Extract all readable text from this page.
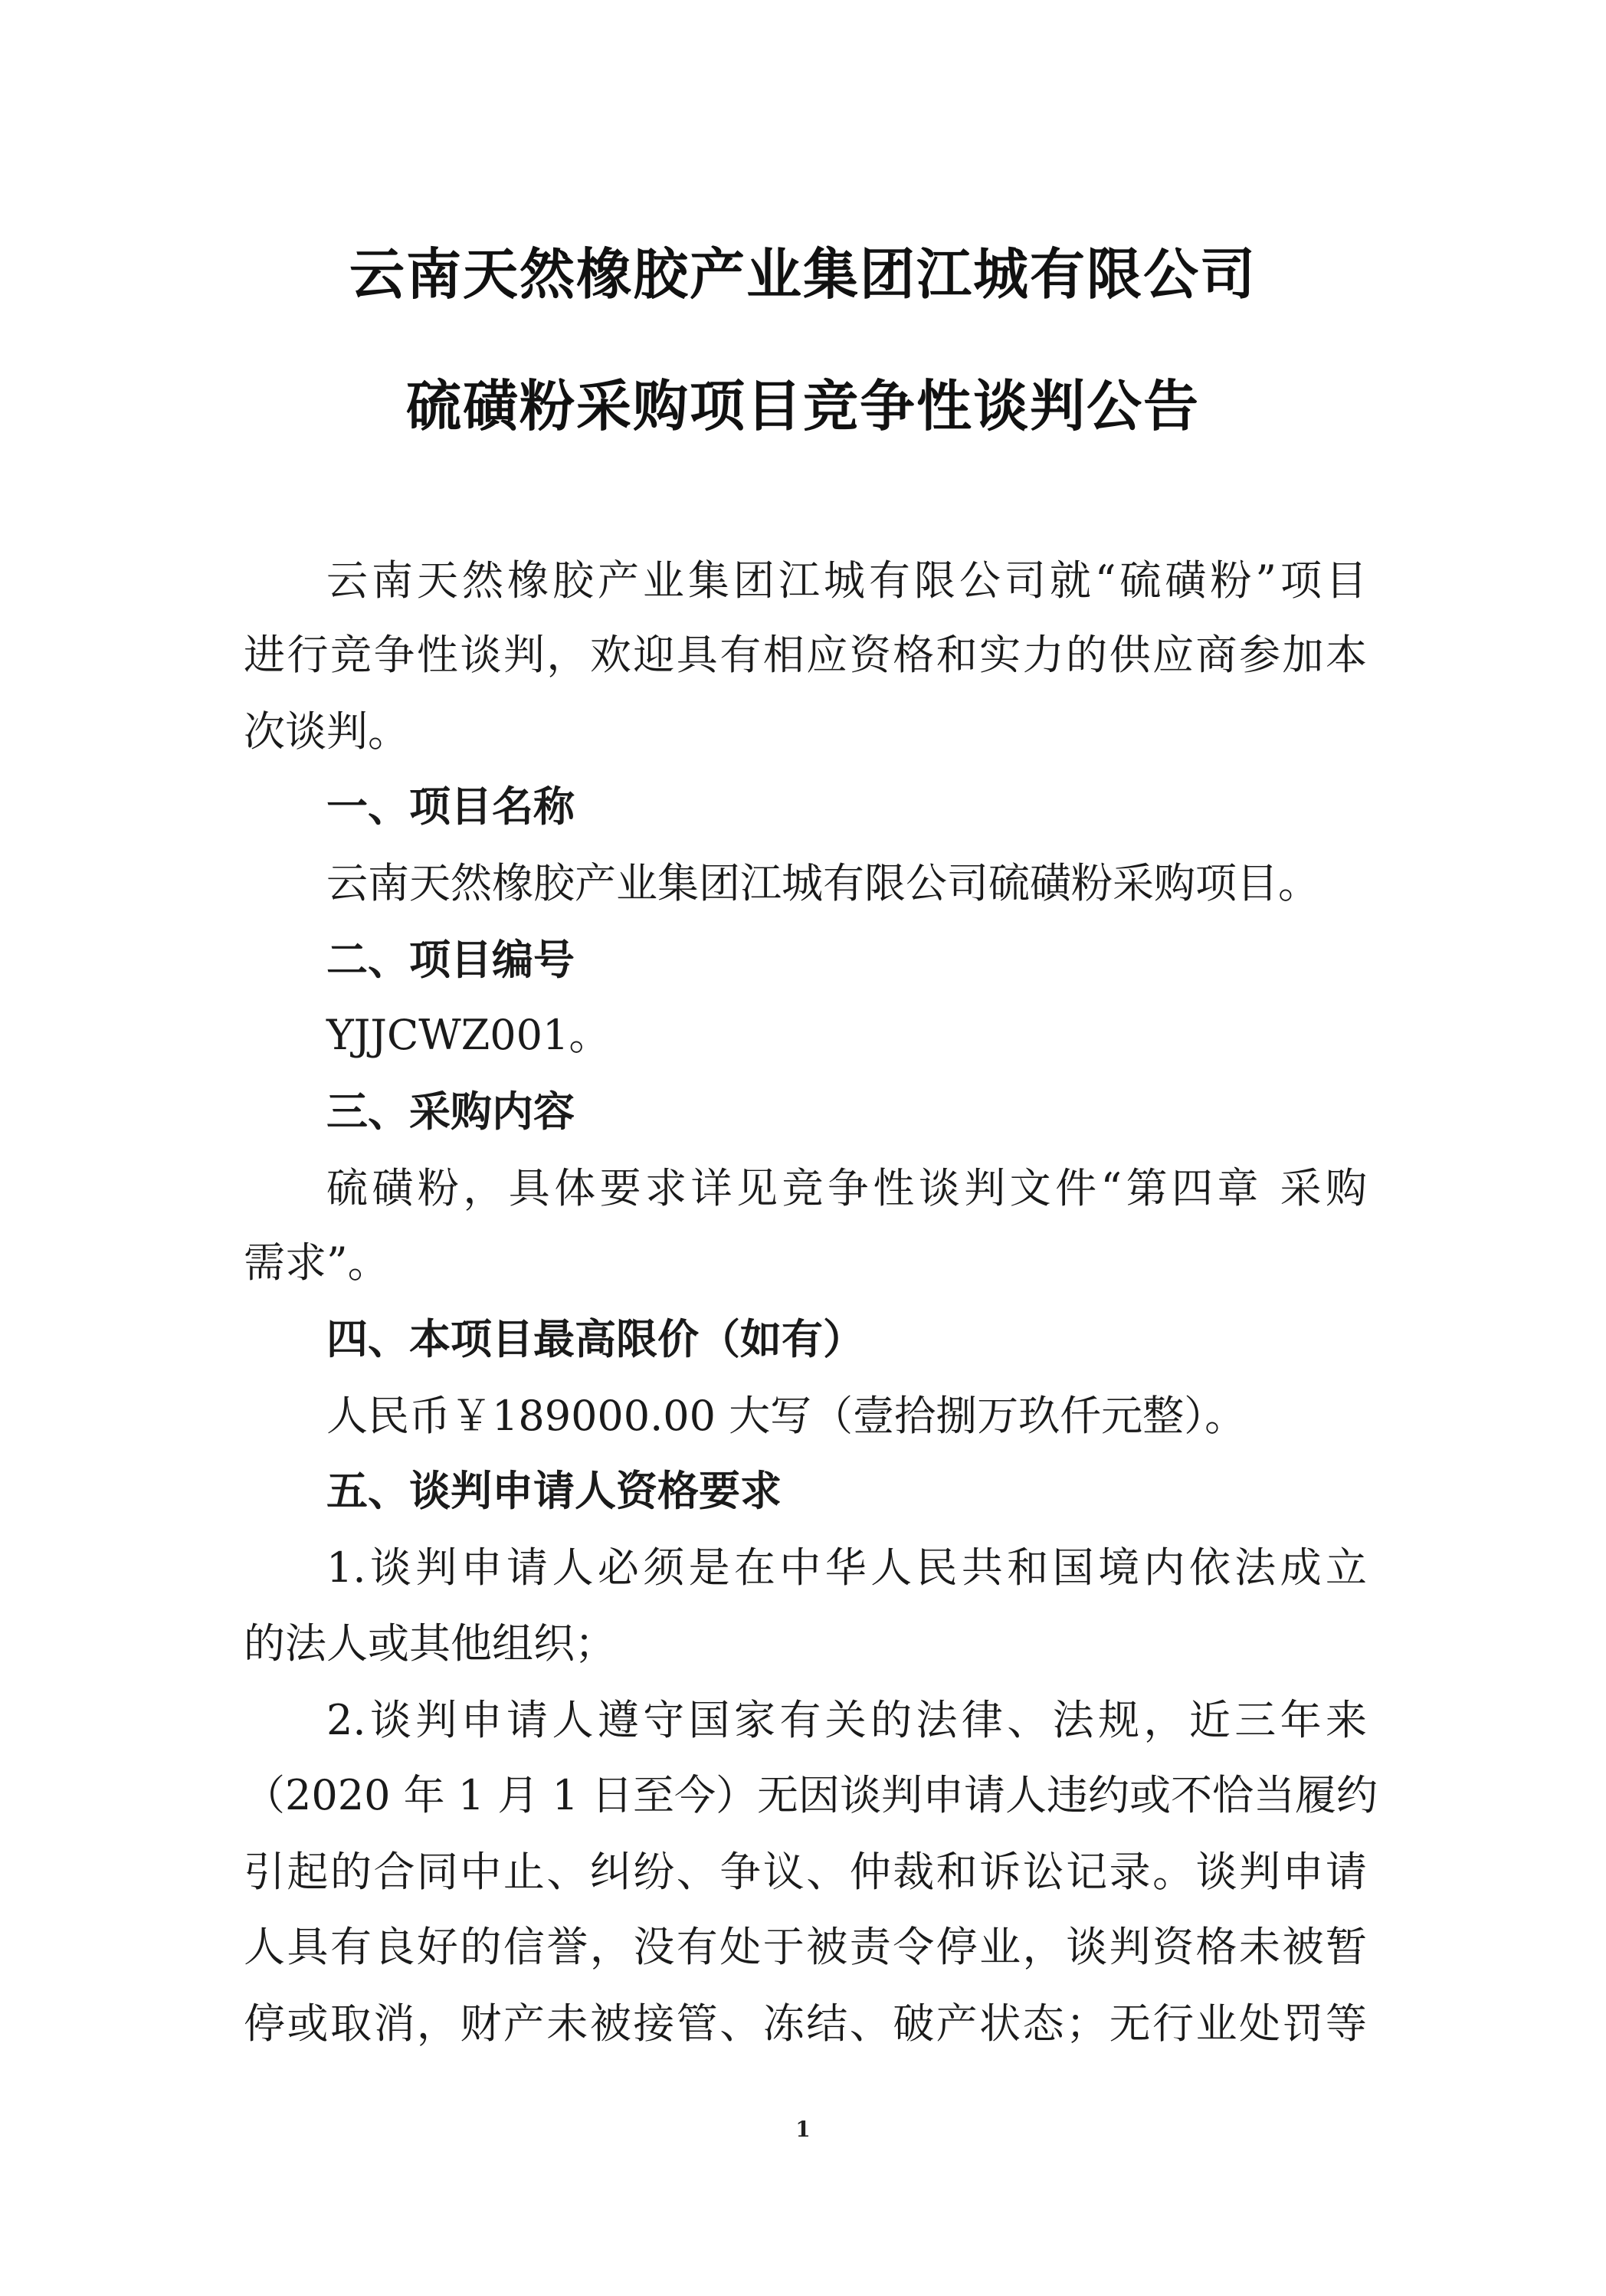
云南天然橡胶产业集团江城有限公司
硫磺粉采购项目竞争性谈判公告
云南天然橡胶产业集团江城有限公司就“硫磺粉”项目
进行竞争性谈判，欢迎具有相应资格和实力的供应商参加本
次谈判。
一、项目名称
云南天然橡胶产业集团江城有限公司硫磺粉采购项目。
二、项目编号
YJJCWZ001。
三、采购内容
硫磺粉，具体要求详见竞争性谈判文件“第四章 采购
需求”。
四、本项目最高限价（如有）
人民币￥189000.00 大写（壹拾捌万玖仟元整）。
五、谈判申请人资格要求
1.谈判申请人必须是在中华人民共和国境内依法成立
的法人或其他组织；
2.谈判申请人遵守国家有关的法律、法规，近三年来
（2020 年 1 月 1 日至今）无因谈判申请人违约或不恰当履约
引起的合同中止、纠纷、争议、仲裁和诉讼记录。谈判申请
人具有良好的信誉，没有处于被责令停业，谈判资格未被暂
停或取消，财产未被接管、冻结、破产状态；无行业处罚等
1
